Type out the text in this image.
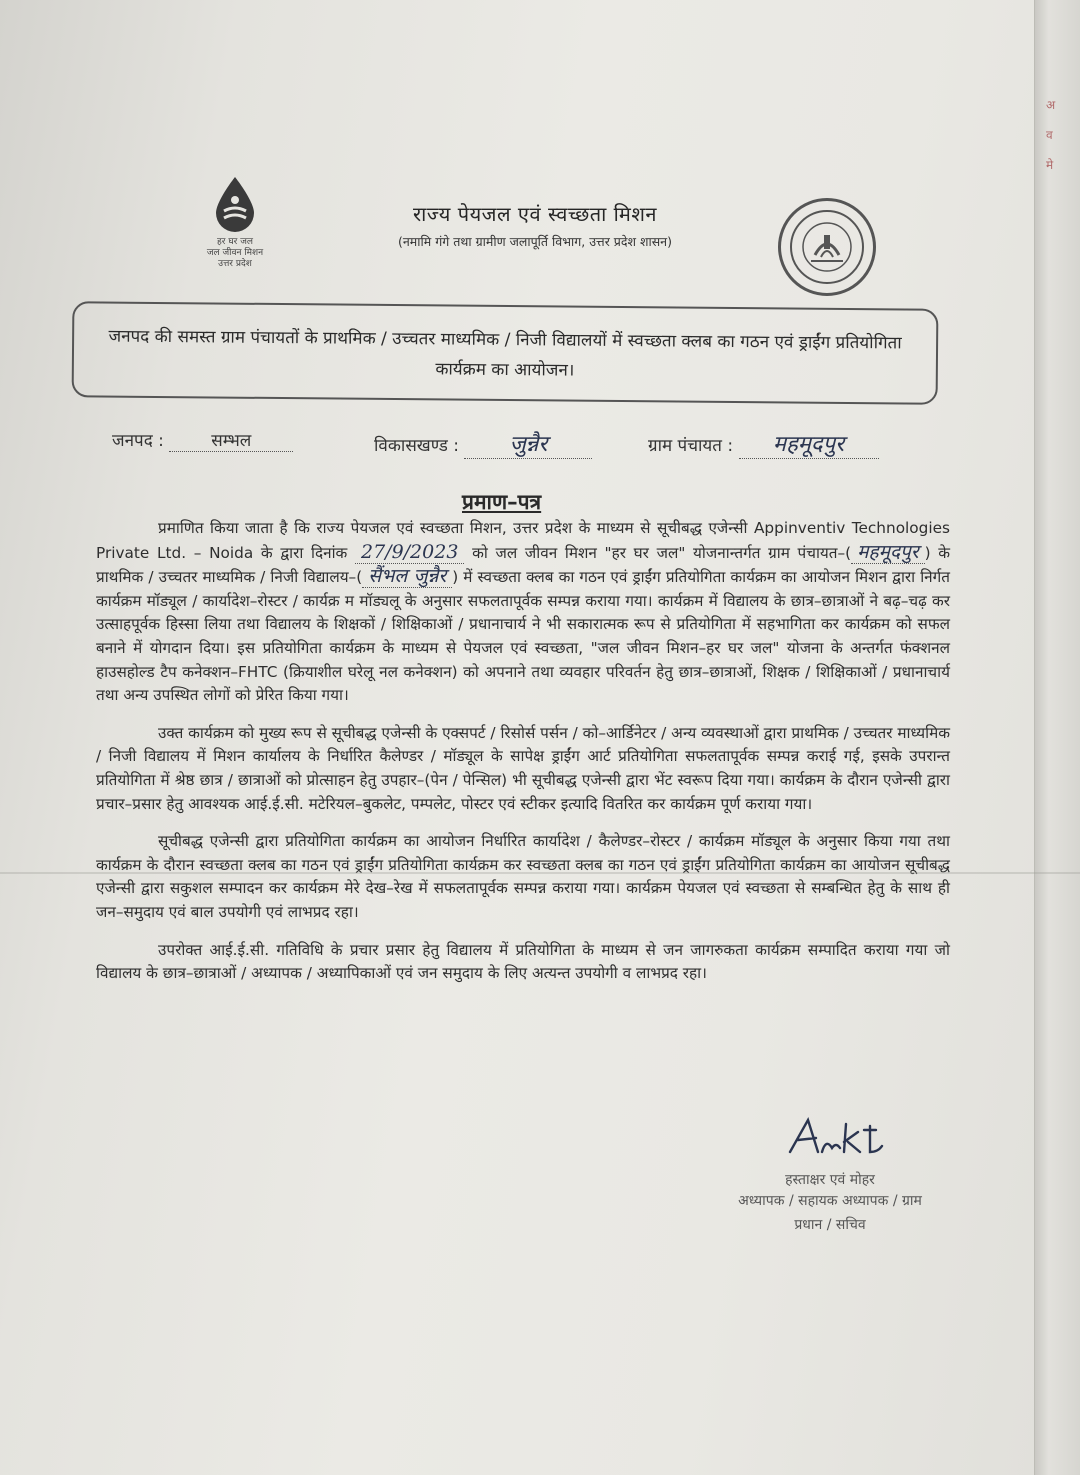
अ
व
मे
हर घर जल
जल जीवन मिशन
उत्तर प्रदेश
राज्य पेयजल एवं स्वच्छता मिशन
(नमामि गंगे तथा ग्रामीण जलापूर्ति विभाग, उत्तर प्रदेश शासन)
जनपद की समस्त ग्राम पंचायतों के प्राथमिक / उच्चतर माध्यमिक / निजी विद्यालयों में स्वच्छता क्लब का गठन एवं ड्राईंग प्रतियोगिता कार्यक्रम का आयोजन।
जनपद :	सम्भल	विकासखण्ड : जुन्नैर	ग्राम पंचायत : महमूदपुर
प्रमाण–पत्र

प्रमाणित किया जाता है कि राज्य पेयजल एवं स्वच्छता मिशन, उत्तर प्रदेश के माध्यम से सूचीबद्ध एजेन्सी Appinventiv Technologies Private Ltd. – Noida के द्वारा दिनांक 27/9/2023 को जल जीवन मिशन "हर घर जल" योजनान्तर्गत ग्राम पंचायत–( महमूदपुर ) के प्राथमिक / उच्चतर माध्यमिक / निजी विद्यालय–( सैंभल जुन्नैर ) में स्वच्छता क्लब का गठन एवं ड्राईंग प्रतियोगिता कार्यक्रम का आयोजन मिशन द्वारा निर्गत कार्यक्रम मॉड्यूल / कार्यादेश–रोस्टर / कार्यक्र म मॉड्यलू के अनुसार सफलतापूर्वक सम्पन्न कराया गया। कार्यक्रम में विद्यालय के छात्र–छात्राओं ने बढ़–चढ़ कर उत्साहपूर्वक हिस्सा लिया तथा विद्यालय के शिक्षकों / शिक्षिकाओं / प्रधानाचार्य ने भी सकारात्मक रूप से प्रतियोगिता में सहभागिता कर कार्यक्रम को सफल बनाने में योगदान दिया। इस प्रतियोगिता कार्यक्रम के माध्यम से पेयजल एवं स्वच्छता, "जल जीवन मिशन–हर घर जल" योजना के अन्तर्गत फंक्शनल हाउसहोल्ड टैप कनेक्शन–FHTC (क्रियाशील घरेलू नल कनेक्शन) को अपनाने तथा व्यवहार परिवर्तन हेतु छात्र–छात्राओं, शिक्षक / शिक्षिकाओं / प्रधानाचार्य तथा अन्य उपस्थित लोगों को प्रेरित किया गया।

उक्त कार्यक्रम को मुख्य रूप से सूचीबद्ध एजेन्सी के एक्सपर्ट / रिसोर्स पर्सन / को–आर्डिनेटर / अन्य व्यवस्थाओं द्वारा प्राथमिक / उच्चतर माध्यमिक / निजी विद्यालय में मिशन कार्यालय के निर्धारित कैलेण्डर / मॉड्यूल के सापेक्ष ड्राईंग आर्ट प्रतियोगिता सफलतापूर्वक सम्पन्न कराई गई, इसके उपरान्त प्रतियोगिता में श्रेष्ठ छात्र / छात्राओं को प्रोत्साहन हेतु उपहार–(पेन / पेन्सिल) भी सूचीबद्ध एजेन्सी द्वारा भेंट स्वरूप दिया गया। कार्यक्रम के दौरान एजेन्सी द्वारा प्रचार–प्रसार हेतु आवश्यक आई.ई.सी. मटेरियल–बुकलेट, पम्पलेट, पोस्टर एवं स्टीकर इत्यादि वितरित कर कार्यक्रम पूर्ण कराया गया।

सूचीबद्ध एजेन्सी द्वारा प्रतियोगिता कार्यक्रम का आयोजन निर्धारित कार्यादेश / कैलेण्डर–रोस्टर / कार्यक्रम मॉड्यूल के अनुसार किया गया तथा कार्यक्रम के दौरान स्वच्छता क्लब का गठन एवं ड्राईंग प्रतियोगिता कार्यक्रम कर स्वच्छता क्लब का गठन एवं ड्राईंग प्रतियोगिता कार्यक्रम का आयोजन सूचीबद्ध एजेन्सी द्वारा सकुशल सम्पादन कर कार्यक्रम मेरे देख–रेख में सफलतापूर्वक सम्पन्न कराया गया। कार्यक्रम पेयजल एवं स्वच्छता से सम्बन्धित हेतु के साथ ही जन–समुदाय एवं बाल उपयोगी एवं लाभप्रद रहा।

उपरोक्त आई.ई.सी. गतिविधि के प्रचार प्रसार हेतु विद्यालय में प्रतियोगिता के माध्यम से जन जागरुकता कार्यक्रम सम्पादित कराया गया जो विद्यालय के छात्र–छात्राओं / अध्यापक / अध्यापिकाओं एवं जन समुदाय के लिए अत्यन्त उपयोगी व लाभप्रद रहा।

हस्ताक्षर एवं मोहर
अध्यापक / सहायक अध्यापक / ग्राम
प्रधान / सचिव
